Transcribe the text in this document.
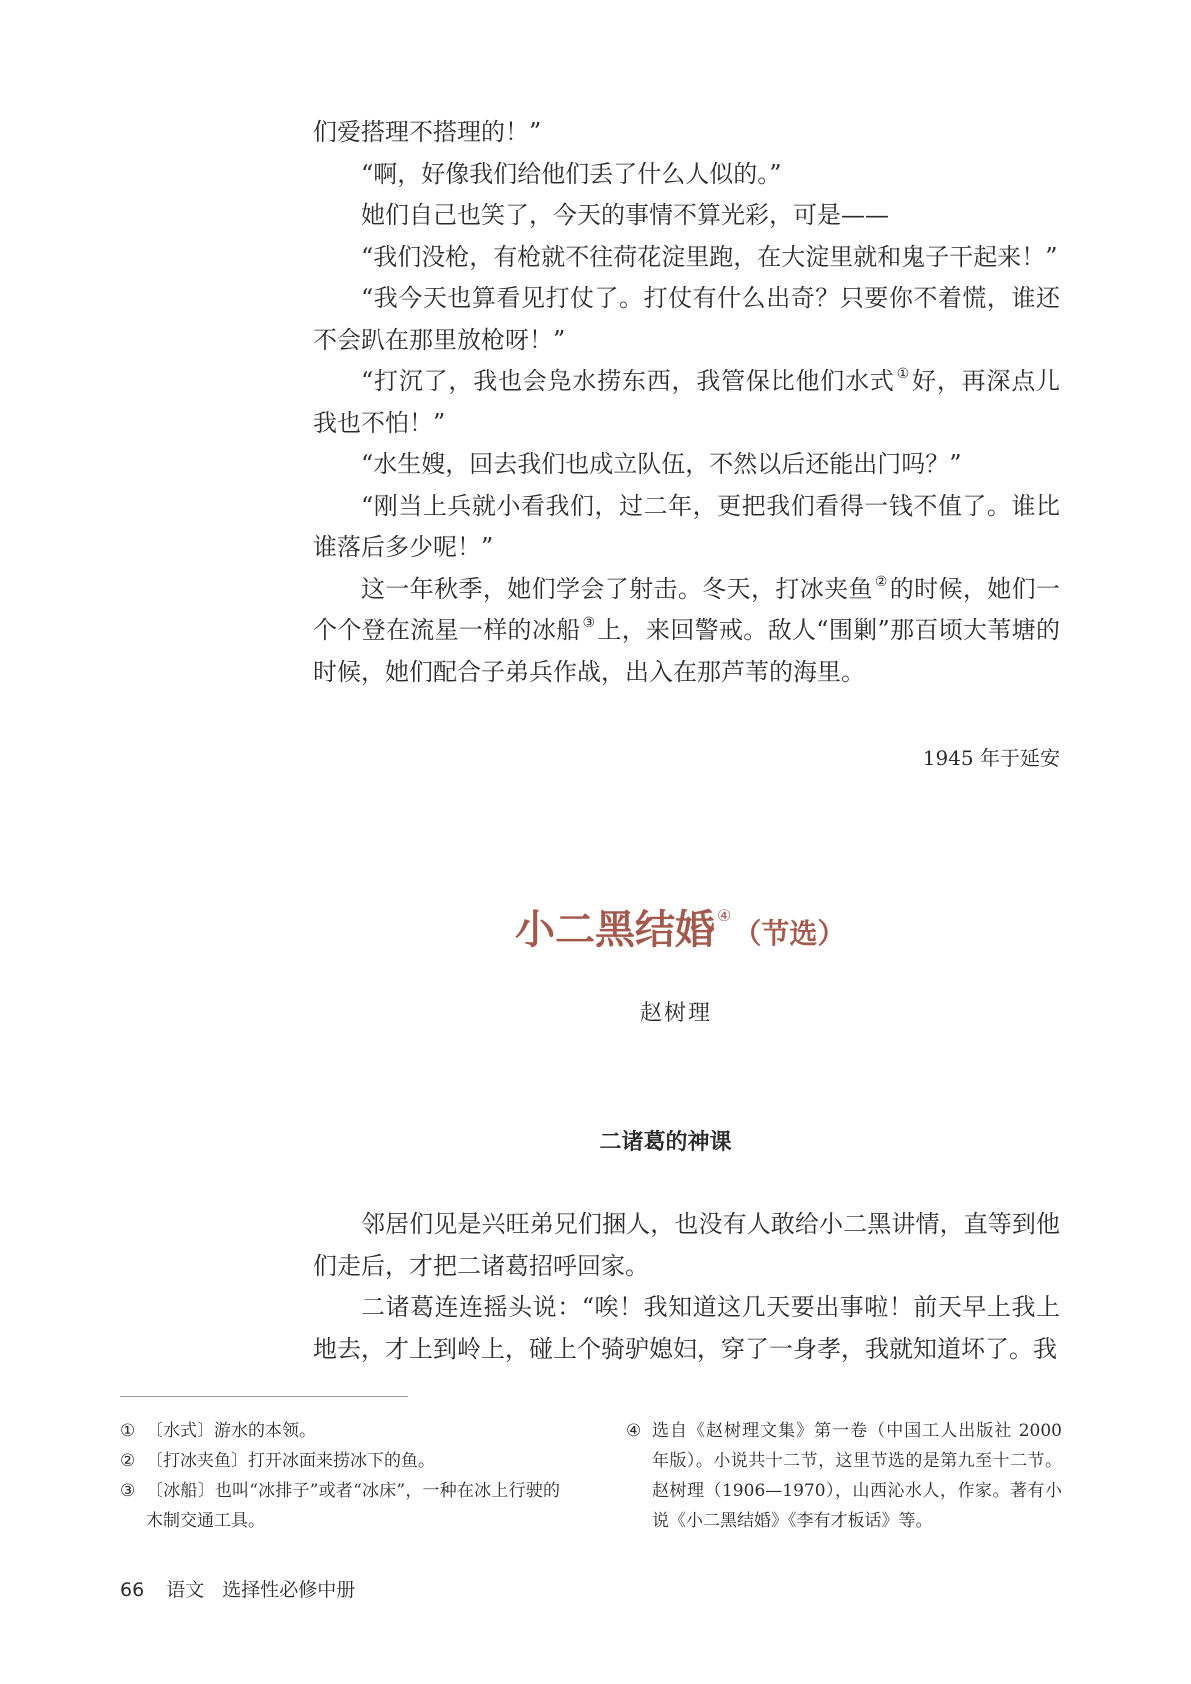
们爱搭理不搭理的！”

“啊，好像我们给他们丢了什么人似的。”

她们自己也笑了，今天的事情不算光彩，可是——

“我们没枪，有枪就不往荷花淀里跑，在大淀里就和鬼子干起来！”

“我今天也算看见打仗了。打仗有什么出奇？只要你不着慌，谁还不会趴在那里放枪呀！”

“打沉了，我也会凫水捞东西，我管保比他们水式 ①好，再深点儿我也不怕！”

“水生嫂，回去我们也成立队伍，不然以后还能出门吗？”

“刚当上兵就小看我们，过二年，更把我们看得一钱不值了。谁比谁落后多少呢！”

这一年秋季，她们学会了射击。冬天，打冰夹鱼 ②的时候，她们一个个登在流星一样的冰船 ③上，来回警戒。敌人“围剿”那百顷大苇塘的时候，她们配合子弟兵作战，出入在那芦苇的海里。

1945 年于延安
小二黑结婚 ④（节选）
赵树理
二诸葛的神课

邻居们见是兴旺弟兄们捆人，也没有人敢给小二黑讲情，直等到他们走后，才把二诸葛招呼回家。

二诸葛连连摇头说：“唉！我知道这几天要出事啦！前天早上我上地去，才上到岭上，碰上个骑驴媳妇，穿了一身孝，我就知道坏了。我

① 〔水式〕游水的本领。
② 〔打冰夹鱼〕打开冰面来捞冰下的鱼。
③ 〔冰船〕也叫“冰排子”或者“冰床”，一种在冰上行驶的木制交通工具。
④ 选自《赵树理文集》第一卷（中国工人出版社 2000 年版）。小说共十二节，这里节选的是第九至十二节。赵树理（1906—1970），山西沁水人，作家。著有小说《小二黑结婚》《李有才板话》等。
66 语文 选择性必修中册
